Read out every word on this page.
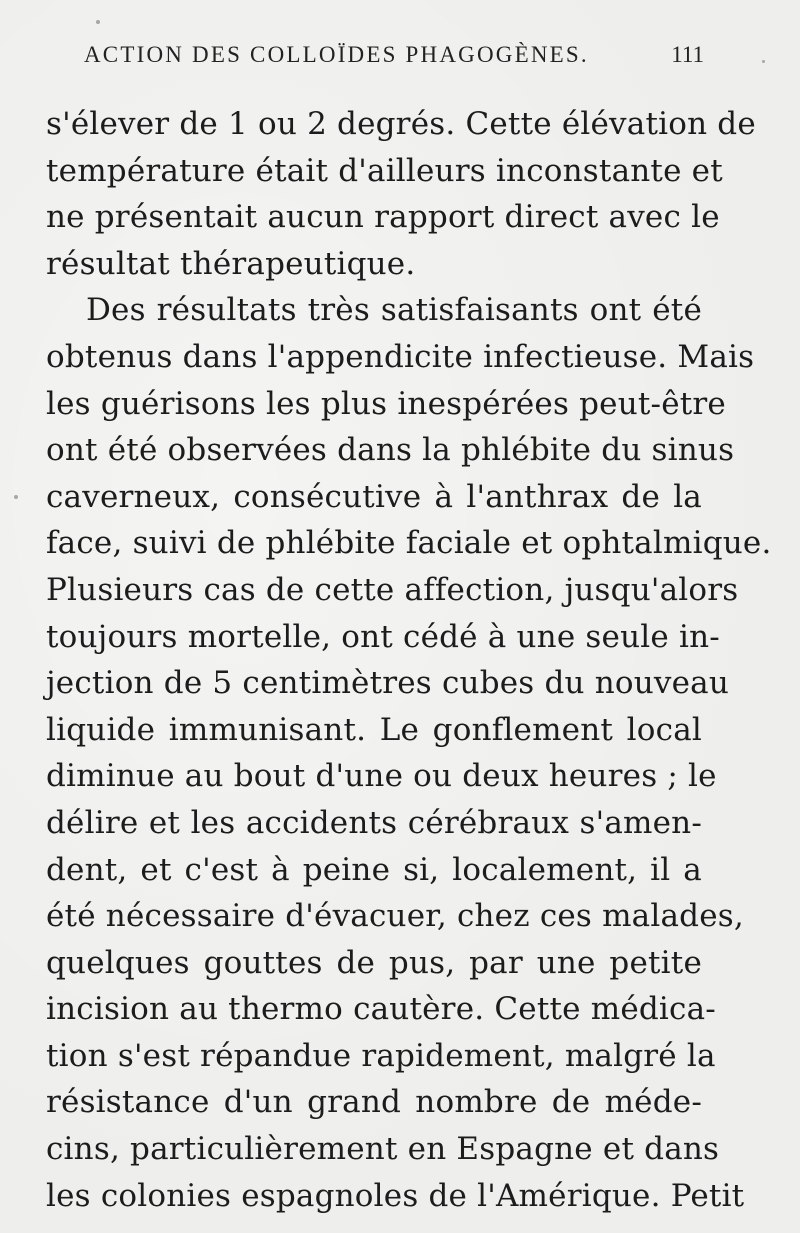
ACTION DES COLLOÏDES PHAGOGÈNES.	111
s'élever de 1 ou 2 degrés. Cette élévation de
température était d'ailleurs inconstante et
ne présentait aucun rapport direct avec le
résultat thérapeutique.
Des résultats très satisfaisants ont été
obtenus dans l'appendicite infectieuse. Mais
les guérisons les plus inespérées peut-être
ont été observées dans la phlébite du sinus
caverneux, consécutive à l'anthrax de la
face, suivi de phlébite faciale et ophtalmique.
Plusieurs cas de cette affection, jusqu'alors
toujours mortelle, ont cédé à une seule in-
jection de 5 centimètres cubes du nouveau
liquide immunisant. Le gonflement local
diminue au bout d'une ou deux heures ; le
délire et les accidents cérébraux s'amen-
dent, et c'est à peine si, localement, il a
été nécessaire d'évacuer, chez ces malades,
quelques gouttes de pus, par une petite
incision au thermo cautère. Cette médica-
tion s'est répandue rapidement, malgré la
résistance d'un grand nombre de méde-
cins, particulièrement en Espagne et dans
les colonies espagnoles de l'Amérique. Petit
